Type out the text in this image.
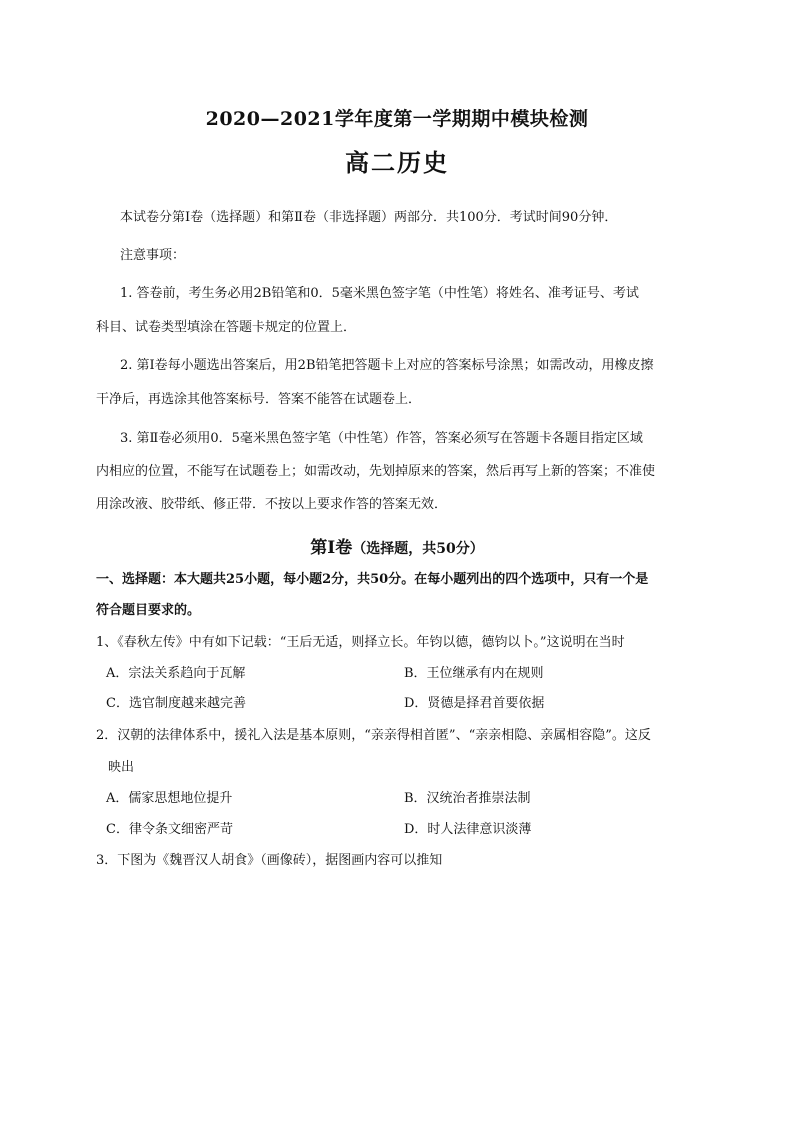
2020—2021学年度第一学期期中模块检测
高二历史
本试卷分第Ⅰ卷（选择题）和第Ⅱ卷（非选择题）两部分．共100分．考试时间90分钟．
注意事项：
1. 答卷前，考生务必用2B铅笔和0．5毫米黑色签字笔（中性笔）将姓名、准考证号、考试
科目、试卷类型填涂在答题卡规定的位置上．
2. 第Ⅰ卷每小题选出答案后，用2B铅笔把答题卡上对应的答案标号涂黑；如需改动，用橡皮擦
干净后，再选涂其他答案标号．答案不能答在试题卷上．
3. 第Ⅱ卷必须用0．5毫米黑色签字笔（中性笔）作答，答案必须写在答题卡各题目指定区域
内相应的位置，不能写在试题卷上；如需改动，先划掉原来的答案，然后再写上新的答案；不准使
用涂改液、胶带纸、修正带．不按以上要求作答的答案无效．
第Ⅰ卷（选择题，共50分）
一、选择题：本大题共25小题，每小题2分，共50分。在每小题列出的四个选项中，只有一个是
符合题目要求的。
1、《春秋左传》中有如下记载：“王后无适，则择立长。年钧以德，德钧以卜。”这说明在当时
A．宗法关系趋向于瓦解	B．王位继承有内在规则
C．选官制度越来越完善	D．贤德是择君首要依据
2．汉朝的法律体系中，援礼入法是基本原则，“亲亲得相首匿”、“亲亲相隐、亲属相容隐”。这反
映出
A．儒家思想地位提升	B．汉统治者推崇法制
C．律令条文细密严苛	D．时人法律意识淡薄
3．下图为《魏晋汉人胡食》（画像砖），据图画内容可以推知
